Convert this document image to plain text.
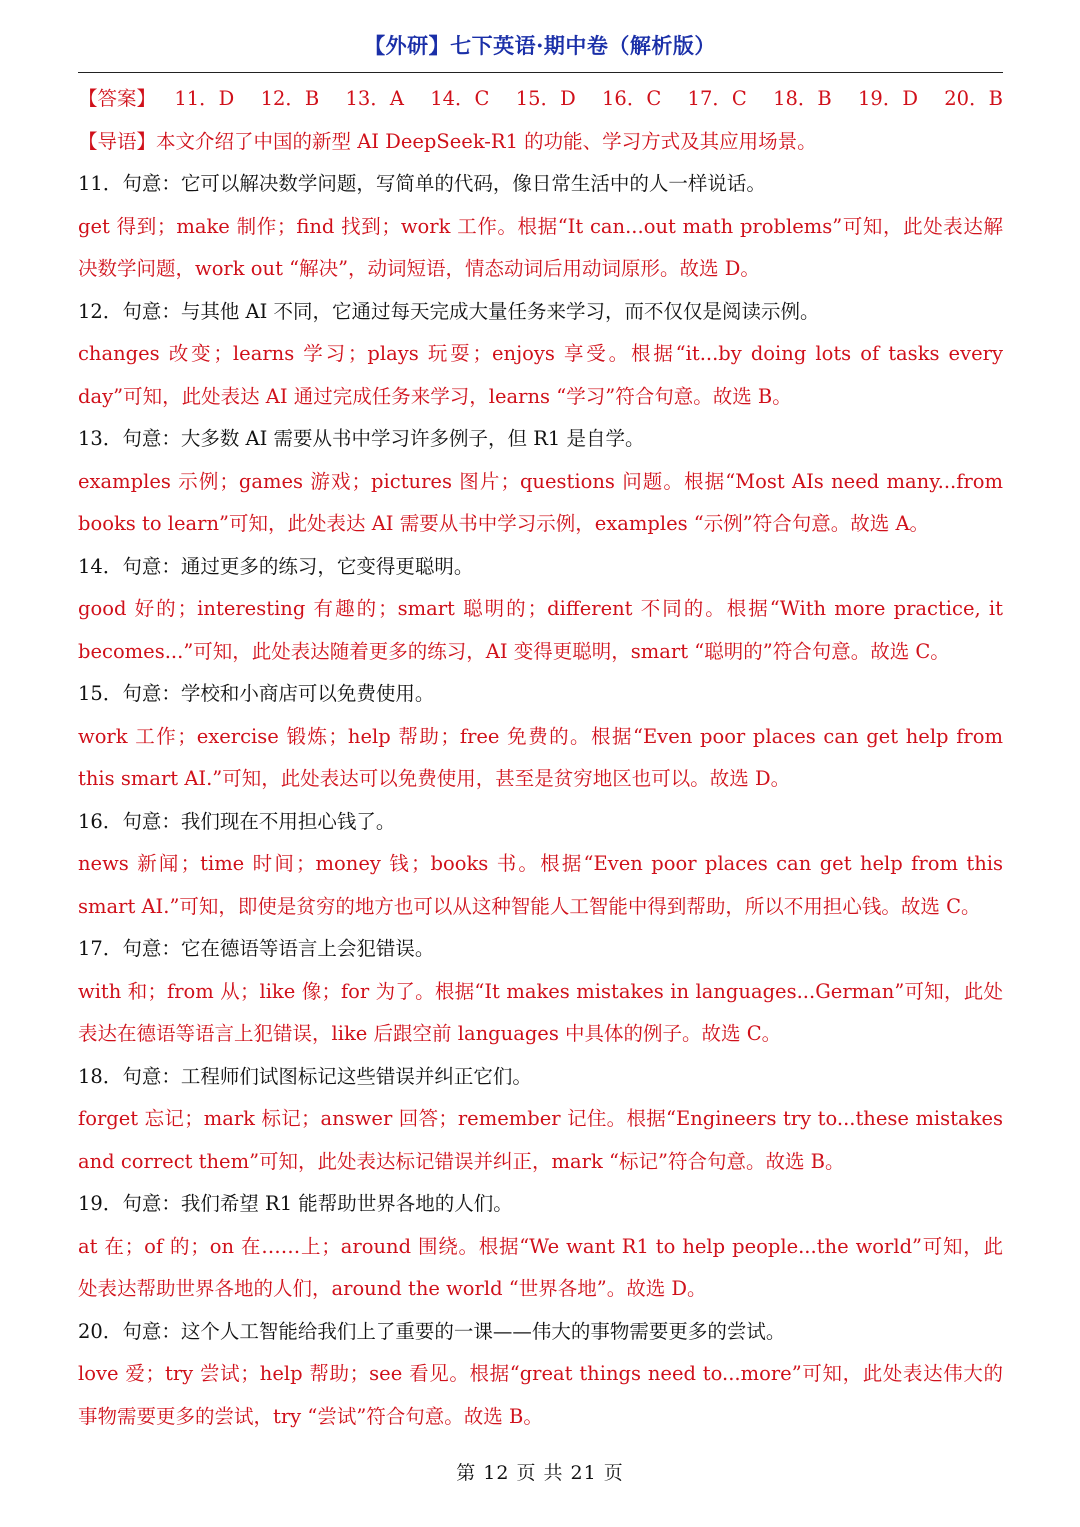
【外研】七下英语·期中卷（解析版）
【答案】 11．D 12．B 13．A 14．C 15．D 16．C 17．C 18．B 19．D 20．B

【导语】本文介绍了中国的新型 AI DeepSeek-R1 的功能、学习方式及其应用场景。

11．句意：它可以解决数学问题，写简单的代码，像日常生活中的人一样说话。

get 得到；make 制作；find 找到；work 工作。根据“It can...out math problems”可知，此处表达解决数学问题，work out “解决”，动词短语，情态动词后用动词原形。故选 D。

12．句意：与其他 AI 不同，它通过每天完成大量任务来学习，而不仅仅是阅读示例。

changes 改变；learns 学习；plays 玩耍；enjoys 享受。根据“it...by doing lots of tasks every day”可知，此处表达 AI 通过完成任务来学习，learns “学习”符合句意。故选 B。

13．句意：大多数 AI 需要从书中学习许多例子，但 R1 是自学。

examples 示例；games 游戏；pictures 图片；questions 问题。根据“Most AIs need many...from books to learn”可知，此处表达 AI 需要从书中学习示例，examples “示例”符合句意。故选 A。

14．句意：通过更多的练习，它变得更聪明。

good 好的；interesting 有趣的；smart 聪明的；different 不同的。根据“With more practice, it becomes...”可知，此处表达随着更多的练习，AI 变得更聪明，smart “聪明的”符合句意。故选 C。

15．句意：学校和小商店可以免费使用。

work 工作；exercise 锻炼；help 帮助；free 免费的。根据“Even poor places can get help from this smart AI.”可知，此处表达可以免费使用，甚至是贫穷地区也可以。故选 D。

16．句意：我们现在不用担心钱了。

news 新闻；time 时间；money 钱；books 书。根据“Even poor places can get help from this smart AI.”可知，即使是贫穷的地方也可以从这种智能人工智能中得到帮助，所以不用担心钱。故选 C。

17．句意：它在德语等语言上会犯错误。

with 和；from 从；like 像；for 为了。根据“It makes mistakes in languages...German”可知，此处表达在德语等语言上犯错误，like 后跟空前 languages 中具体的例子。故选 C。

18．句意：工程师们试图标记这些错误并纠正它们。

forget 忘记；mark 标记；answer 回答；remember 记住。根据“Engineers try to...these mistakes and correct them”可知，此处表达标记错误并纠正，mark “标记”符合句意。故选 B。

19．句意：我们希望 R1 能帮助世界各地的人们。

at 在；of 的；on 在……上；around 围绕。根据“We want R1 to help people...the world”可知，此处表达帮助世界各地的人们，around the world “世界各地”。故选 D。

20．句意：这个人工智能给我们上了重要的一课——伟大的事物需要更多的尝试。

love 爱；try 尝试；help 帮助；see 看见。根据“great things need to...more”可知，此处表达伟大的事物需要更多的尝试，try “尝试”符合句意。故选 B。

第 12 页 共 21 页
